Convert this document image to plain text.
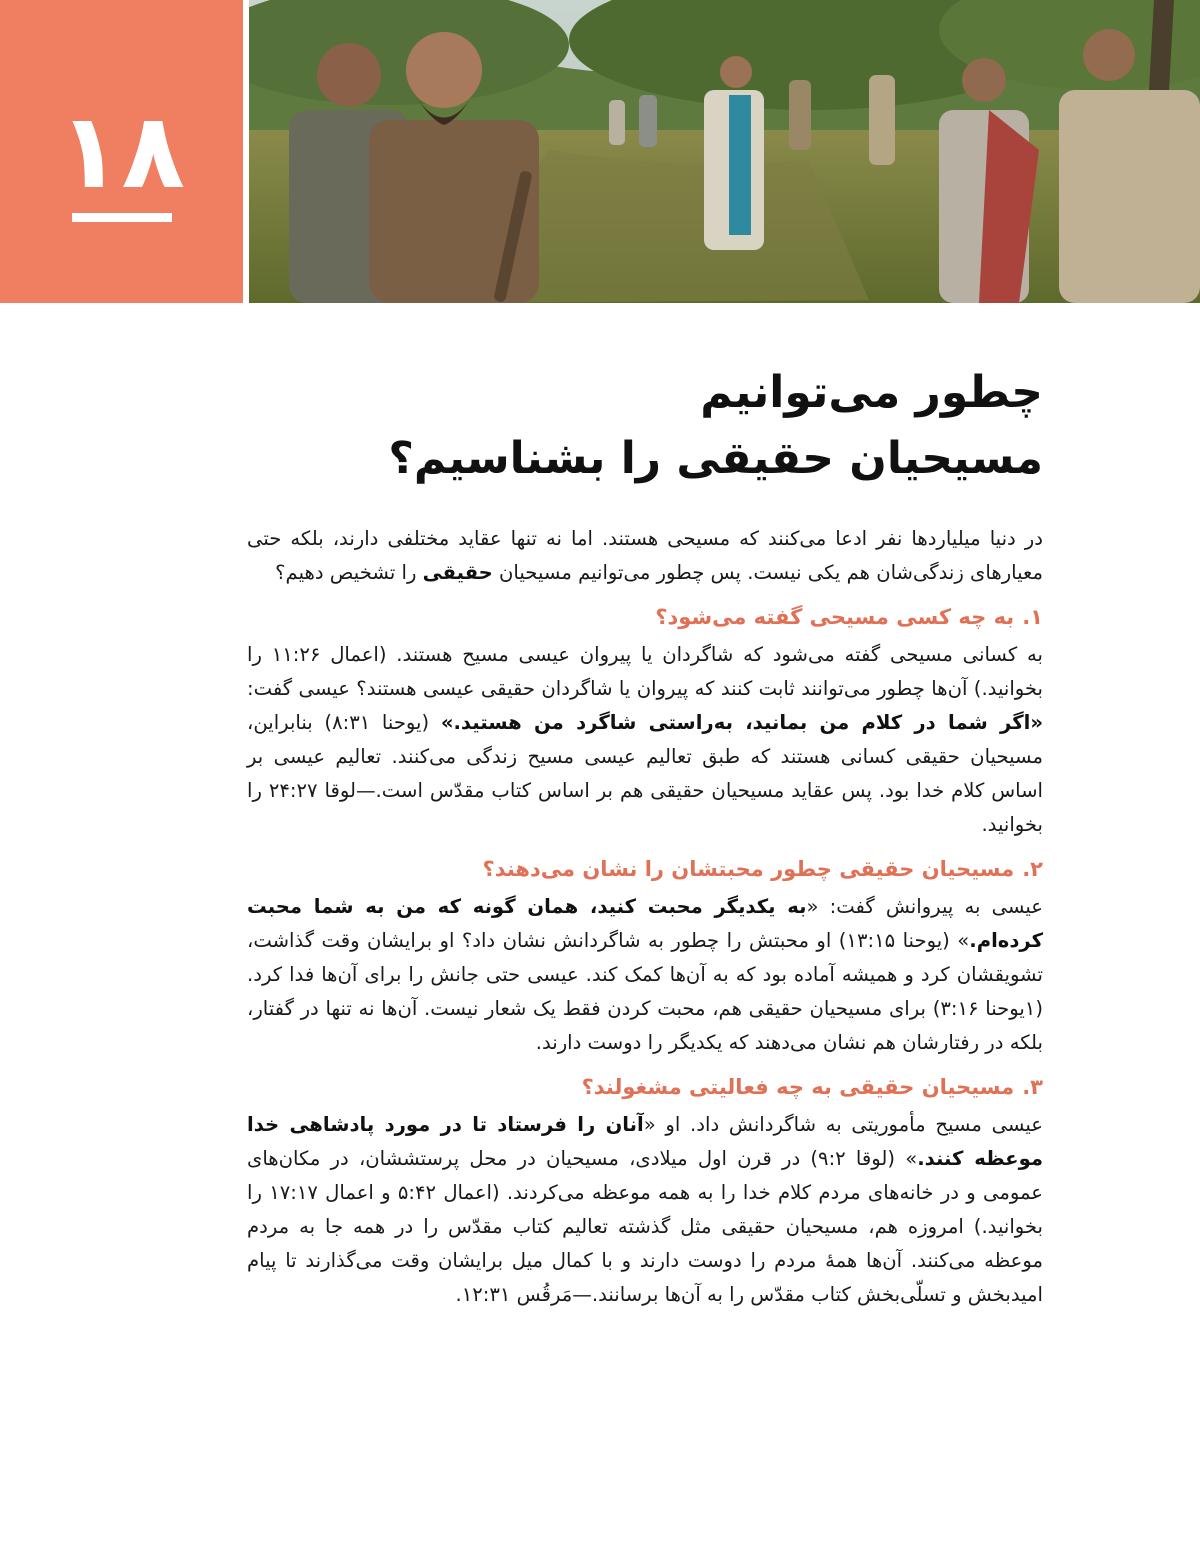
۱۸
چطور می‌توانیم
مسیحیان حقیقی را بشناسیم؟

در دنیا میلیاردها نفر ادعا می‌کنند که مسیحی هستند. اما نه تنها عقاید مختلفی دارند، بلکه حتی معیارهای زندگی‌شان هم یکی نیست. پس چطور می‌توانیم مسیحیان حقیقی را تشخیص دهیم؟

۱.
به چه کسی مسیحی گفته می‌شود؟

به کسانی مسیحی گفته می‌شود که شاگردان یا پیروان عیسی مسیح هستند. (اعمال ۱۱:۲۶ را بخوانید.) آن‌ها چطور می‌توانند ثابت کنند که پیروان یا شاگردان حقیقی عیسی هستند؟ عیسی گفت: «اگر شما در کلام من بمانید، به‌راستی شاگرد من هستید.» (یوحنا ۸:۳۱) بنابراین، مسیحیان حقیقی کسانی هستند که طبق تعالیم عیسی مسیح زندگی می‌کنند. تعالیم عیسی بر اساس کلام خدا بود. پس عقاید مسیحیان حقیقی هم بر اساس کتاب مقدّس است.—لوقا ۲۴:۲۷ را بخوانید.

۲.
مسیحیان حقیقی چطور محبتشان را نشان می‌دهند؟

عیسی به پیروانش گفت: «به یکدیگر محبت کنید، همان گونه که من به شما محبت کرده‌ام.» (یوحنا ۱۳:۱۵) او محبتش را چطور به شاگردانش نشان داد؟ او برایشان وقت گذاشت، تشویقشان کرد و همیشه آماده بود که به آن‌ها کمک کند. عیسی حتی جانش را برای آن‌ها فدا کرد. (۱یوحنا ۳:۱۶) برای مسیحیان حقیقی هم، محبت کردن فقط یک شعار نیست. آن‌ها نه تنها در گفتار، بلکه در رفتارشان هم نشان می‌دهند که یکدیگر را دوست دارند.

۳.
مسیحیان حقیقی به چه فعالیتی مشغولند؟

عیسی مسیح مأموریتی به شاگردانش داد. او «آنان را فرستاد تا در مورد پادشاهی خدا موعظه کنند.» (لوقا ۹:۲) در قرن اول میلادی، مسیحیان در محل پرستششان، در مکان‌های عمومی و در خانه‌های مردم کلام خدا را به همه موعظه می‌کردند. (اعمال ۵:۴۲ و اعمال ۱۷:۱۷ را بخوانید.) امروزه هم، مسیحیان حقیقی مثل گذشته تعالیم کتاب مقدّس را در همه جا به مردم موعظه می‌کنند. آن‌ها همهٔ مردم را دوست دارند و با کمال میل برایشان وقت می‌گذارند تا پیام امیدبخش و تسلّی‌بخش کتاب مقدّس را به آن‌ها برسانند.—مَرقُس ۱۲:۳۱.
